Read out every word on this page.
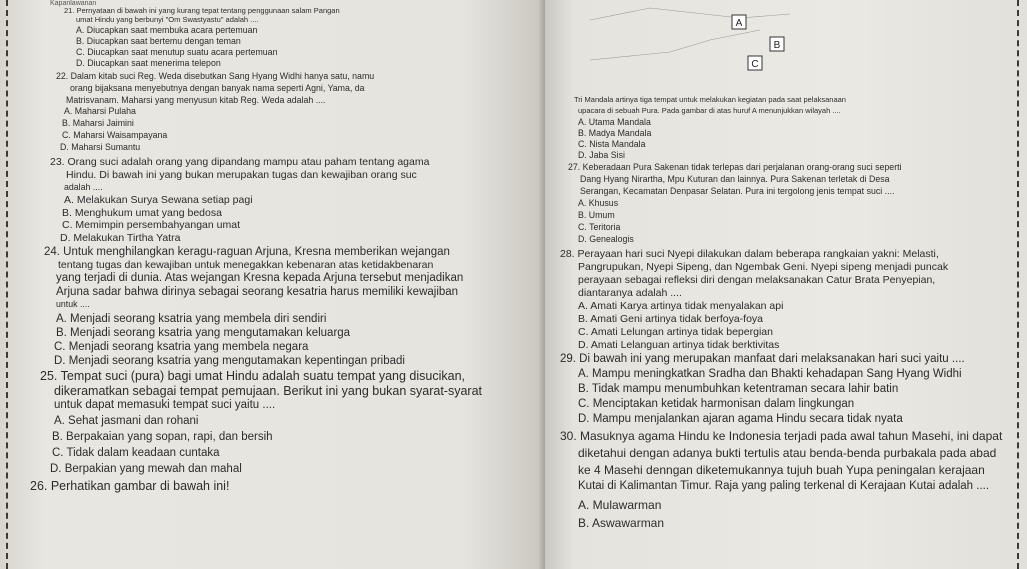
Kapanlawanan
21. Pernyataan di bawah ini yang kurang tepat tentang penggunaan salam Pangan
umat Hindu yang berbunyi "Om Swastyastu" adalah ....
A. Diucapkan saat membuka acara pertemuan
B. Diucapkan saat bertemu dengan teman
C. Diucapkan saat menutup suatu acara pertemuan
D. Diucapkan saat menerima telepon
22. Dalam kitab suci Reg. Weda disebutkan Sang Hyang Widhi hanya satu, namu
orang bijaksana menyebutnya dengan banyak nama seperti Agni, Yama, da
Matrisvanam. Maharsi yang menyusun kitab Reg. Weda adalah ....
A. Maharsi Pulaha
B. Maharsi Jaimini
C. Maharsi Waisampayana
D. Maharsi Sumantu
23. Orang suci adalah orang yang dipandang mampu atau paham tentang agama
Hindu. Di bawah ini yang bukan merupakan tugas dan kewajiban orang suc
adalah ....
A. Melakukan Surya Sewana setiap pagi
B. Menghukum umat yang bedosa
C. Memimpin persembahyangan umat
D. Melakukan Tirtha Yatra
24. Untuk menghilangkan keragu-raguan Arjuna, Kresna memberikan wejangan
tentang tugas dan kewajiban untuk menegakkan kebenaran atas ketidakbenaran
yang terjadi di dunia. Atas wejangan Kresna kepada Arjuna tersebut menjadikan
Arjuna sadar bahwa dirinya sebagai seorang kesatria harus memiliki kewajiban
untuk ....
A. Menjadi seorang ksatria yang membela diri sendiri
B. Menjadi seorang ksatria yang mengutamakan keluarga
C. Menjadi seorang ksatria yang membela negara
D. Menjadi seorang ksatria yang mengutamakan kepentingan pribadi
25. Tempat suci (pura) bagi umat Hindu adalah suatu tempat yang disucikan,
dikeramatkan sebagai tempat pemujaan. Berikut ini yang bukan syarat-syarat
untuk dapat memasuki tempat suci yaitu ....
A. Sehat jasmani dan rohani
B. Berpakaian yang sopan, rapi, dan bersih
C. Tidak dalam keadaan cuntaka
D. Berpakian yang mewah dan mahal
26. Perhatikan gambar di bawah ini!
A
B
C
Tri Mandala artinya tiga tempat untuk melakukan kegiatan pada saat pelaksanaan
upacara di sebuah Pura. Pada gambar di atas huruf A menunjukkan wilayah ....
A. Utama Mandala
B. Madya Mandala
C. Nista Mandala
D. Jaba Sisi
27. Keberadaan Pura Sakenan tidak terlepas dari perjalanan orang-orang suci seperti
Dang Hyang Nirartha, Mpu Kuturan dan lainnya. Pura Sakenan terletak di Desa
Serangan, Kecamatan Denpasar Selatan. Pura ini tergolong jenis tempat suci ....
A. Khusus
B. Umum
C. Teritoria
D. Genealogis
28. Perayaan hari suci Nyepi dilakukan dalam beberapa rangkaian yakni: Melasti,
Pangrupukan, Nyepi Sipeng, dan Ngembak Geni. Nyepi sipeng menjadi puncak
perayaan sebagai refleksi diri dengan melaksanakan Catur Brata Penyepian,
diantaranya adalah ....
A. Amati Karya artinya tidak menyalakan api
B. Amati Geni artinya tidak berfoya-foya
C. Amati Lelungan artinya tidak bepergian
D. Amati Lelanguan artinya tidak berktivitas
29. Di bawah ini yang merupakan manfaat dari melaksanakan hari suci yaitu ....
A. Mampu meningkatkan Sradha dan Bhakti kehadapan Sang Hyang Widhi
B. Tidak mampu menumbuhkan ketentraman secara lahir batin
C. Menciptakan ketidak harmonisan dalam lingkungan
D. Mampu menjalankan ajaran agama Hindu secara tidak nyata
30. Masuknya agama Hindu ke Indonesia terjadi pada awal tahun Masehi, ini dapat
diketahui dengan adanya bukti tertulis atau benda-benda purbakala pada abad
ke 4 Masehi denngan diketemukannya tujuh buah Yupa peningalan kerajaan
Kutai di Kalimantan Timur. Raja yang paling terkenal di Kerajaan Kutai adalah ....
A. Mulawarman
B. Aswawarman
